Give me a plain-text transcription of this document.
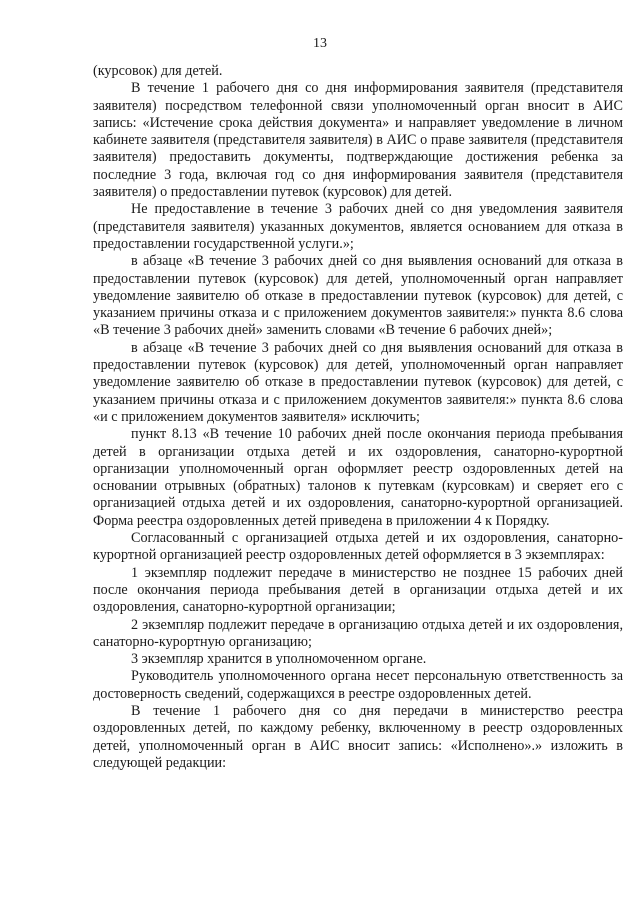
13

(курсовок) для детей.

В течение 1 рабочего дня со дня информирования заявителя (представителя заявителя) посредством телефонной связи уполномоченный орган вносит в АИС запись: «Истечение срока действия документа» и направляет уведомление в личном кабинете заявителя (представителя заявителя) в АИС о праве заявителя (представителя заявителя) предоставить документы, подтверждающие достижения ребенка за последние 3 года, включая год со дня информирования заявителя (представителя заявителя) о предоставлении путевок (курсовок) для детей.

Не предоставление в течение 3 рабочих дней со дня уведомления заявителя (представителя заявителя) указанных документов, является основанием для отказа в предоставлении государственной услуги.»;

в абзаце «В течение 3 рабочих дней со дня выявления оснований для отказа в предоставлении путевок (курсовок) для детей, уполномоченный орган направляет уведомление заявителю об отказе в предоставлении путевок (курсовок) для детей, с указанием причины отказа и с приложением документов заявителя:» пункта 8.6 слова «В течение 3 рабочих дней» заменить словами «В течение 6 рабочих дней»;

в абзаце «В течение 3 рабочих дней со дня выявления оснований для отказа в предоставлении путевок (курсовок) для детей, уполномоченный орган направляет уведомление заявителю об отказе в предоставлении путевок (курсовок) для детей, с указанием причины отказа и с приложением документов заявителя:» пункта 8.6 слова «и с приложением документов заявителя» исключить;

пункт 8.13 «В течение 10 рабочих дней после окончания периода пребывания детей в организации отдыха детей и их оздоровления, санаторно-курортной организации уполномоченный орган оформляет реестр оздоровленных детей на основании отрывных (обратных) талонов к путевкам (курсовкам) и сверяет его с организацией отдыха детей и их оздоровления, санаторно-курортной организацией. Форма реестра оздоровленных детей приведена в приложении 4 к Порядку.

Согласованный с организацией отдыха детей и их оздоровления, санаторно-курортной организацией реестр оздоровленных детей оформляется в 3 экземплярах:

1 экземпляр подлежит передаче в министерство не позднее 15 рабочих дней после окончания периода пребывания детей в организации отдыха детей и их оздоровления, санаторно-курортной организации;

2 экземпляр подлежит передаче в организацию отдыха детей и их оздоровления, санаторно-курортную организацию;

3 экземпляр хранится в уполномоченном органе.

Руководитель уполномоченного органа несет персональную ответственность за достоверность сведений, содержащихся в реестре оздоровленных детей.

В течение 1 рабочего дня со дня передачи в министерство реестра оздоровленных детей, по каждому ребенку, включенному в реестр оздоровленных детей, уполномоченный орган в АИС вносит запись: «Исполнено».» изложить в следующей редакции:
